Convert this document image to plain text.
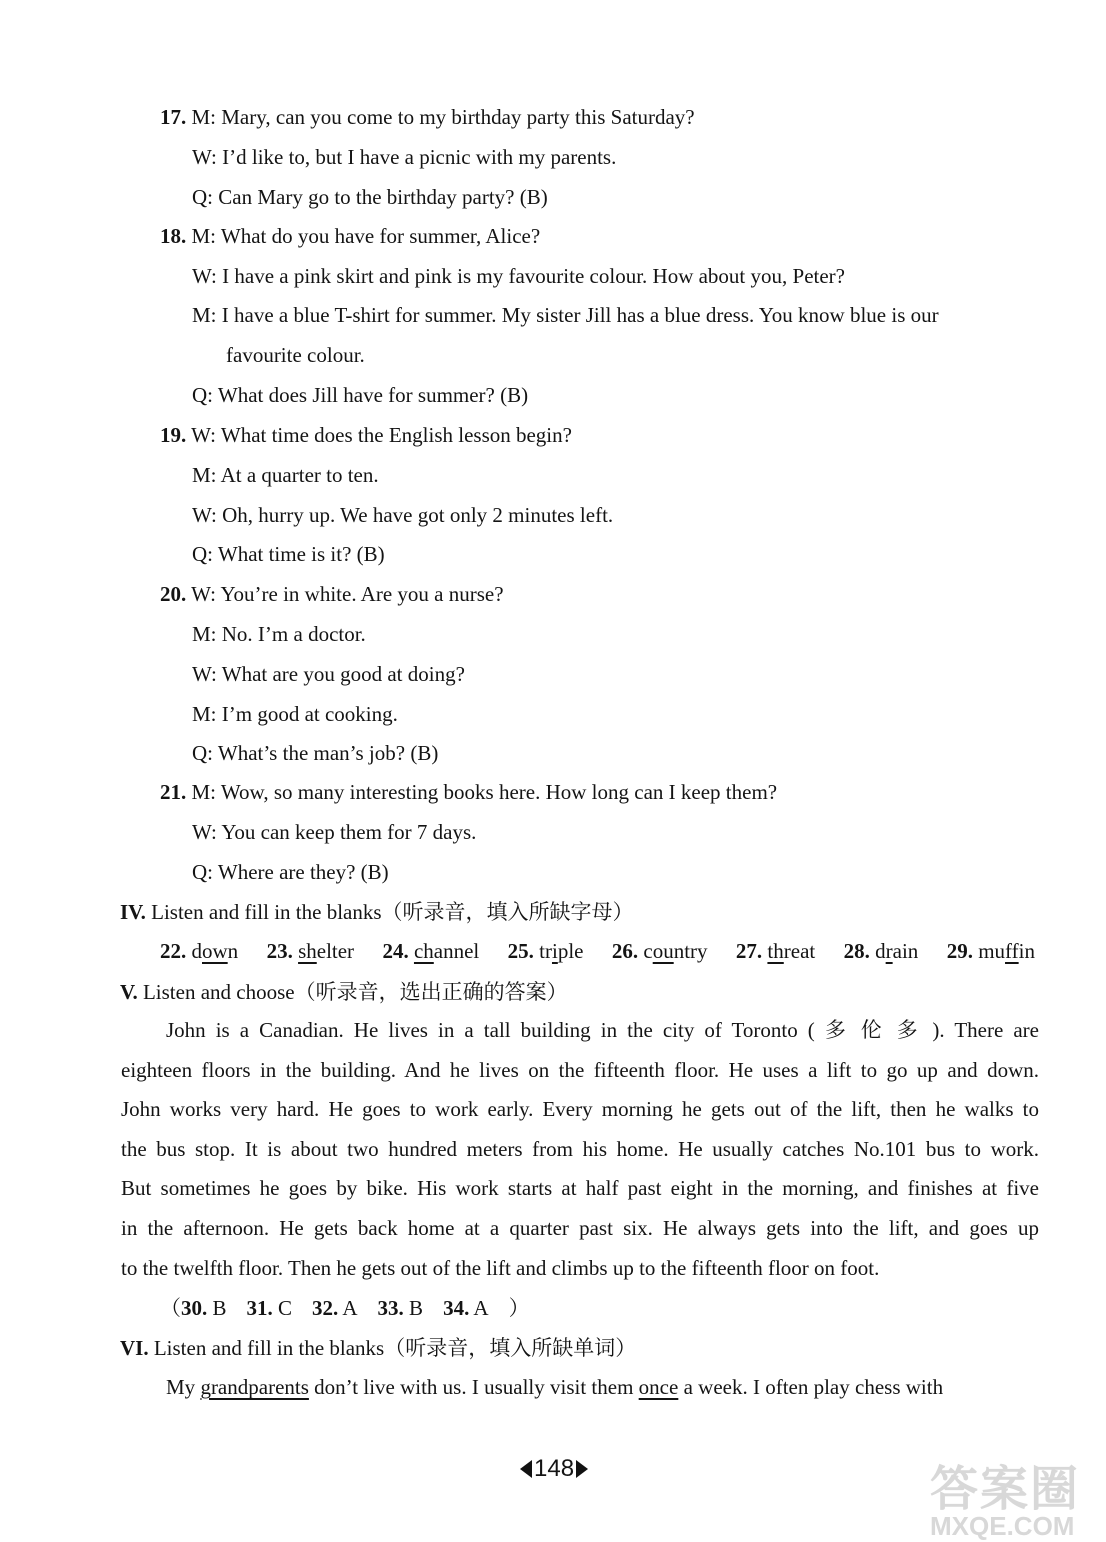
17. M: Mary, can you come to my birthday party this Saturday?
W: I’d like to, but I have a picnic with my parents.
Q: Can Mary go to the birthday party? (B)
18. M: What do you have for summer, Alice?
W: I have a pink skirt and pink is my favourite colour. How about you, Peter?
M: I have a blue T-shirt for summer. My sister Jill has a blue dress. You know blue is our
favourite colour.
Q: What does Jill have for summer? (B)
19. W: What time does the English lesson begin?
M: At a quarter to ten.
W: Oh, hurry up. We have got only 2 minutes left.
Q: What time is it? (B)
20. W: You’re in white. Are you a nurse?
M: No. I’m a doctor.
W: What are you good at doing?
M: I’m good at cooking.
Q: What’s the man’s job? (B)
21. M: Wow, so many interesting books here. How long can I keep them?
W: You can keep them for 7 days.
Q: Where are they? (B)
IV. Listen and fill in the blanks（听录音，填入所缺字母）
22. down 23. shelter 24. channel 25. triple 26. country 27. threat 28. drain 29. muffin
V. Listen and choose（听录音，选出正确的答案）
John is a Canadian. He lives in a tall building in the city of Toronto ( 多 伦 多 ). There are
eighteen floors in the building. And he lives on the fifteenth floor. He uses a lift to go up and down.
John works very hard. He goes to work early. Every morning he gets out of the lift, then he walks to
the bus stop. It is about two hundred meters from his home. He usually catches No.101 bus to work.
But sometimes he goes by bike. His work starts at half past eight in the morning, and finishes at five
in the afternoon. He gets back home at a quarter past six. He always gets into the lift, and goes up
to the twelfth floor. Then he gets out of the lift and climbs up to the fifteenth floor on foot.
（30. B 31. C 32. A 33. B 34. A ）
VI. Listen and fill in the blanks（听录音，填入所缺单词）
My grandparents don’t live with us. I usually visit them once a week. I often play chess with
148	答案圈
MXQE.COM
